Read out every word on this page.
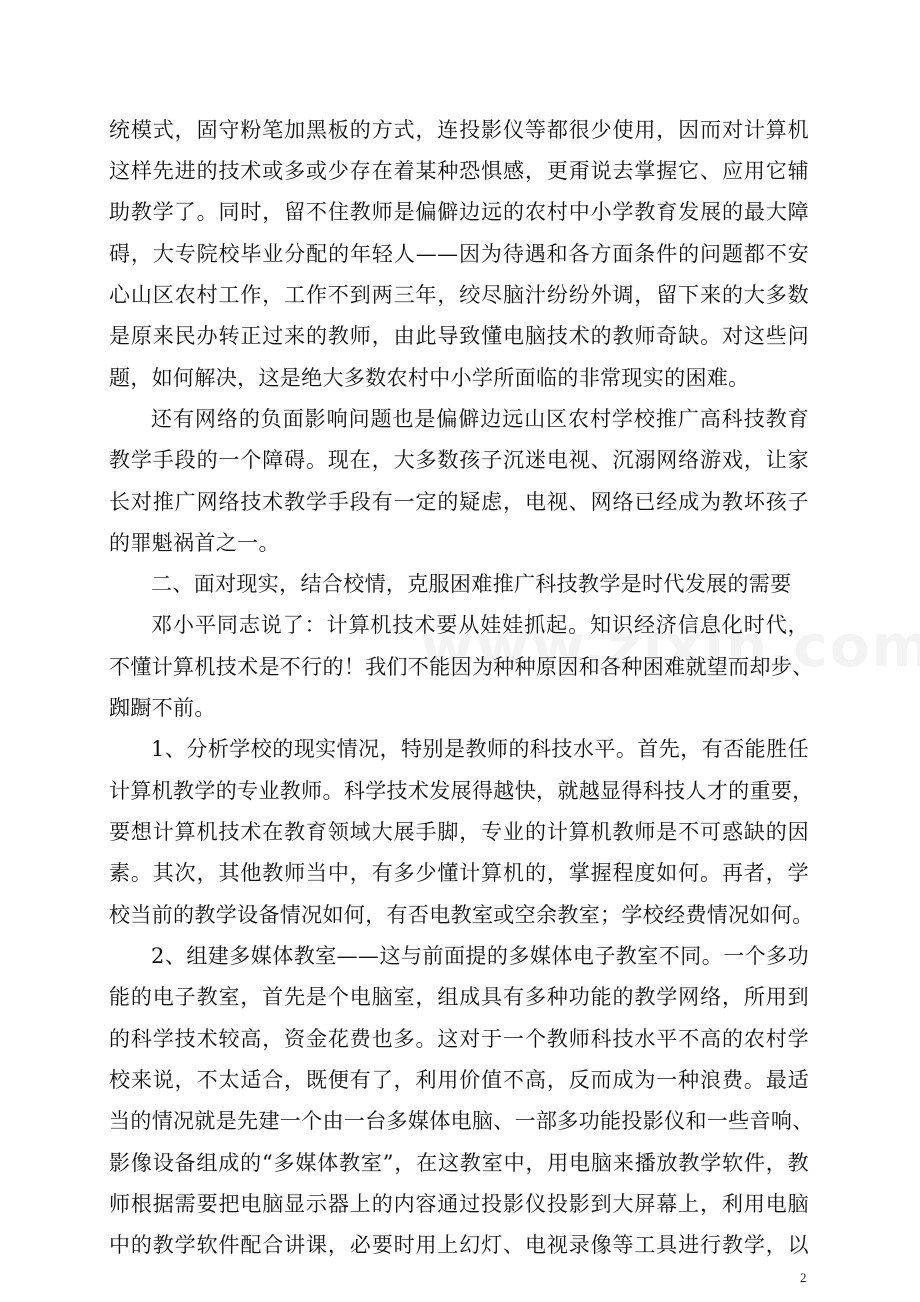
统模式，固守粉笔加黑板的方式，连投影仪等都很少使用，因而对计算机
这样先进的技术或多或少存在着某种恐惧感，更甭说去掌握它、应用它辅
助教学了。同时，留不住教师是偏僻边远的农村中小学教育发展的最大障
碍，大专院校毕业分配的年轻人——因为待遇和各方面条件的问题都不安
心山区农村工作，工作不到两三年，绞尽脑汁纷纷外调，留下来的大多数
是原来民办转正过来的教师，由此导致懂电脑技术的教师奇缺。对这些问
题，如何解决，这是绝大多数农村中小学所面临的非常现实的困难。
还有网络的负面影响问题也是偏僻边远山区农村学校推广高科技教育
教学手段的一个障碍。现在，大多数孩子沉迷电视、沉溺网络游戏，让家
长对推广网络技术教学手段有一定的疑虑，电视、网络已经成为教坏孩子
的罪魁祸首之一。
二、面对现实，结合校情，克服困难推广科技教学是时代发展的需要
邓小平同志说了：计算机技术要从娃娃抓起。知识经济信息化时代，
不懂计算机技术是不行的！我们不能因为种种原因和各种困难就望而却步、
踟蹰不前。
1、分析学校的现实情况，特别是教师的科技水平。首先，有否能胜任
计算机教学的专业教师。科学技术发展得越快，就越显得科技人才的重要，
要想计算机技术在教育领域大展手脚，专业的计算机教师是不可惑缺的因
素。其次，其他教师当中，有多少懂计算机的，掌握程度如何。再者，学
校当前的教学设备情况如何，有否电教室或空余教室；学校经费情况如何。
2、组建多媒体教室——这与前面提的多媒体电子教室不同。一个多功
能的电子教室，首先是个电脑室，组成具有多种功能的教学网络，所用到
的科学技术较高，资金花费也多。这对于一个教师科技水平不高的农村学
校来说，不太适合，既便有了，利用价值不高，反而成为一种浪费。最适
当的情况就是先建一个由一台多媒体电脑、一部多功能投影仪和一些音响、
影像设备组成的“多媒体教室”，在这教室中，用电脑来播放教学软件，教
师根据需要把电脑显示器上的内容通过投影仪投影到大屏幕上，利用电脑
中的教学软件配合讲课，必要时用上幻灯、电视录像等工具进行教学，以
2
